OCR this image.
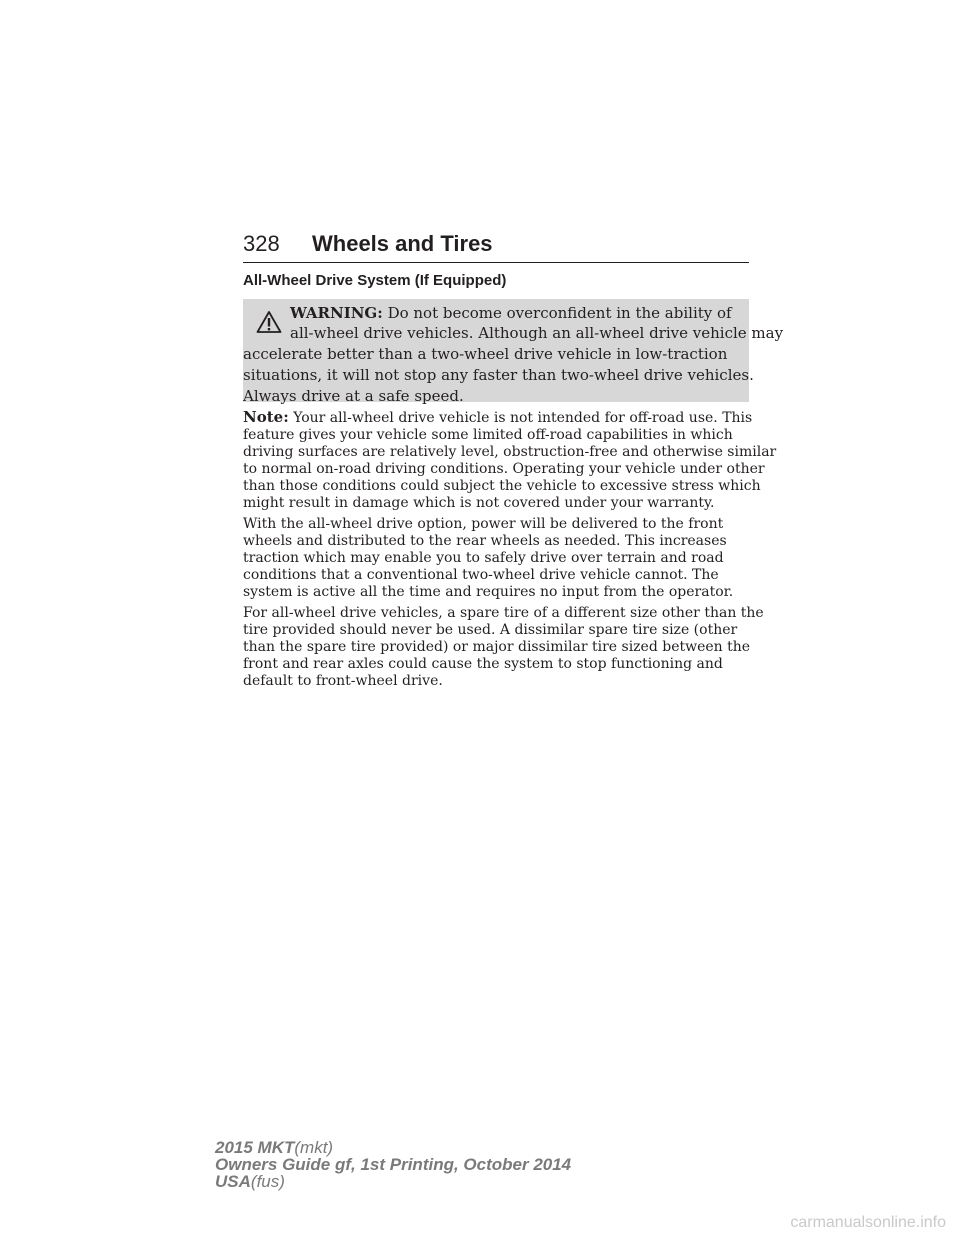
328 Wheels and Tires
All-Wheel Drive System (If Equipped)
WARNING: Do not become overconfident in the ability of
all-wheel drive vehicles. Although an all-wheel drive vehicle may
accelerate better than a two-wheel drive vehicle in low-traction
situations, it will not stop any faster than two-wheel drive vehicles.
Always drive at a safe speed.
Note: Your all-wheel drive vehicle is not intended for off-road use. This
feature gives your vehicle some limited off-road capabilities in which
driving surfaces are relatively level, obstruction-free and otherwise similar
to normal on-road driving conditions. Operating your vehicle under other
than those conditions could subject the vehicle to excessive stress which
might result in damage which is not covered under your warranty.
With the all-wheel drive option, power will be delivered to the front
wheels and distributed to the rear wheels as needed. This increases
traction which may enable you to safely drive over terrain and road
conditions that a conventional two-wheel drive vehicle cannot. The
system is active all the time and requires no input from the operator.
For all-wheel drive vehicles, a spare tire of a different size other than the
tire provided should never be used. A dissimilar spare tire size (other
than the spare tire provided) or major dissimilar tire sized between the
front and rear axles could cause the system to stop functioning and
default to front-wheel drive.
2015 MKT(mkt)
Owners Guide gf, 1st Printing, October 2014
USA(fus)
carmanualsonline.info
